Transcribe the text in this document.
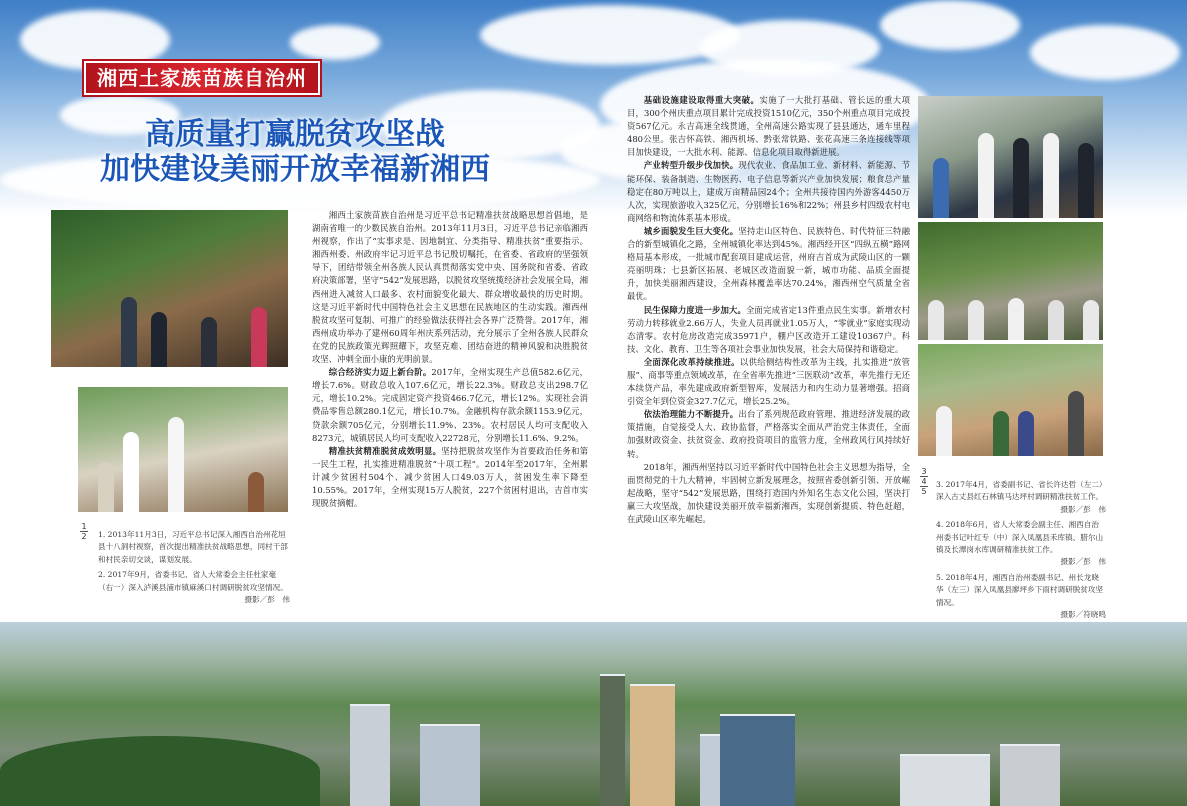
湘西土家族苗族自治州
高质量打赢脱贫攻坚战
加快建设美丽开放幸福新湘西

湘西土家族苗族自治州是习近平总书记精准扶贫战略思想首倡地，是湖南省唯一的少数民族自治州。2013年11月3日，习近平总书记亲临湘西州视察，作出了“实事求是、因地制宜、分类指导、精准扶贫”重要指示。湘西州委、州政府牢记习近平总书记殷切嘱托，在省委、省政府的坚强领导下，团结带领全州各族人民认真贯彻落实党中央、国务院和省委、省政府决策部署，坚守“542”发展思路，以脱贫攻坚统揽经济社会发展全局，湘西州进入减贫人口最多、农村面貌变化最大、群众增收最快的历史时期。这是习近平新时代中国特色社会主义思想在民族地区的生动实践。湘西州脱贫攻坚可复制、可推广的经验做法获得社会各界广泛赞誉。2017年，湘西州成功举办了建州60周年州庆系列活动，充分展示了全州各族人民群众在党的民族政策光辉照耀下，攻坚克难、团结奋进的精神风貌和决胜脱贫攻坚、冲刺全面小康的光明前景。

综合经济实力迈上新台阶。2017年，全州实现生产总值582.6亿元，增长7.6%。财政总收入107.6亿元，增长22.3%。财政总支出298.7亿元，增长10.2%。完成固定资产投资466.7亿元，增长12%。实现社会消费品零售总额280.1亿元，增长10.7%。金融机构存款余额1153.9亿元，贷款余额705亿元，分别增长11.9%、23%。农村居民人均可支配收入8273元，城镇居民人均可支配收入22728元，分别增长11.6%、9.2%。

精准扶贫精准脱贫成效明显。坚持把脱贫攻坚作为首要政治任务和第一民生工程，扎实推进精准脱贫“十项工程”。2014年至2017年，全州累计减少贫困村504个、减少贫困人口49.03万人，贫困发生率下降至10.55%。2017年，全州实现15万人脱贫，227个贫困村退出，吉首市实现脱贫摘帽。

基础设施建设取得重大突破。实施了一大批打基础、管长远的重大项目，300个州庆重点项目累计完成投资1510亿元，350个州重点项目完成投资567亿元。永吉高速全线贯通，全州高速公路实现了县县通达，通车里程480公里。张吉怀高铁、湘西机场、黔张常铁路、张花高速三条连接线等项目加快建设，一大批水利、能源、信息化项目取得新进展。

产业转型升级步伐加快。现代农业、食品加工业、新材料、新能源、节能环保、装备制造、生物医药、电子信息等新兴产业加快发展；粮食总产量稳定在80万吨以上，建成万亩精品园24个；全州共接待国内外游客4450万人次，实现旅游收入325亿元，分别增长16%和22%；州县乡村四级农村电商网络和物流体系基本形成。

城乡面貌发生巨大变化。坚持走山区特色、民族特色、时代特征三特融合的新型城镇化之路，全州城镇化率达到45%。湘西经开区“四纵五横”路网格局基本形成，一批城市配套项目建成运营，州府吉首成为武陵山区的一颗亮丽明珠；七县新区拓展、老城区改造面貌一新，城市功能、品质全面提升，加快美丽湘西建设，全州森林覆盖率达70.24%，湘西州空气质量全省最优。

民生保障力度进一步加大。全面完成省定13件重点民生实事。新增农村劳动力转移就业2.66万人，失业人员再就业1.05万人，“零就业”家庭实现动态清零。农村危房改造完成35971户，棚户区改造开工建设10367户。科技、文化、教育、卫生等各项社会事业加快发展，社会大局保持和谐稳定。

全面深化改革持续推进。以供给侧结构性改革为主线，扎实推进“放管服”、商事等重点领域改革，在全省率先推进“三医联动”改革，率先推行无还本续贷产品，率先建成政府新型智库，发展活力和内生动力显著增强。招商引资全年到位资金327.7亿元，增长25.2%。

依法治理能力不断提升。出台了系列规范政府管理、推进经济发展的政策措施，自觉接受人大、政协监督，严格落实全面从严治党主体责任，全面加强财政资金、扶贫资金、政府投资项目的监管力度，全州政风行风持续好转。

2018年，湘西州坚持以习近平新时代中国特色社会主义思想为指导，全面贯彻党的十九大精神，牢固树立新发展理念，按照省委创新引领、开放崛起战略，坚守“542”发展思路，围绕打造国内外知名生态文化公园，坚决打赢三大攻坚战，加快建设美丽开放幸福新湘西，实现创新提质、特色赶超，在武陵山区率先崛起。

1
2
3
4
5

1. 2013年11月3日，习近平总书记深入湘西自治州花垣县十八洞村视察，首次提出精准扶贫战略思想，同村干部和村民亲切交谈，谋划发展。

2. 2017年9月，省委书记、省人大常委会主任杜家毫（右一）深入泸溪县浦市镇麻溪口村调研脱贫攻坚情况。
摄影／彭　伟

3. 2017年4月，省委副书记、省长许达哲（左二）深入古丈县红石林镇马达坪村调研精准扶贫工作。
摄影／彭　伟

4. 2018年6月，省人大常委会副主任、湘西自治州委书记叶红专（中）深入凤凰县禾库镇、腊尔山镇及长潭岗水库调研精准扶贫工作。
摄影／彭　伟

5. 2018年4月，湘西自治州委副书记、州长龙晓华（左三）深入凤凰县廖坪乡下雨村调研脱贫攻坚情况。
摄影／符晓鸣
